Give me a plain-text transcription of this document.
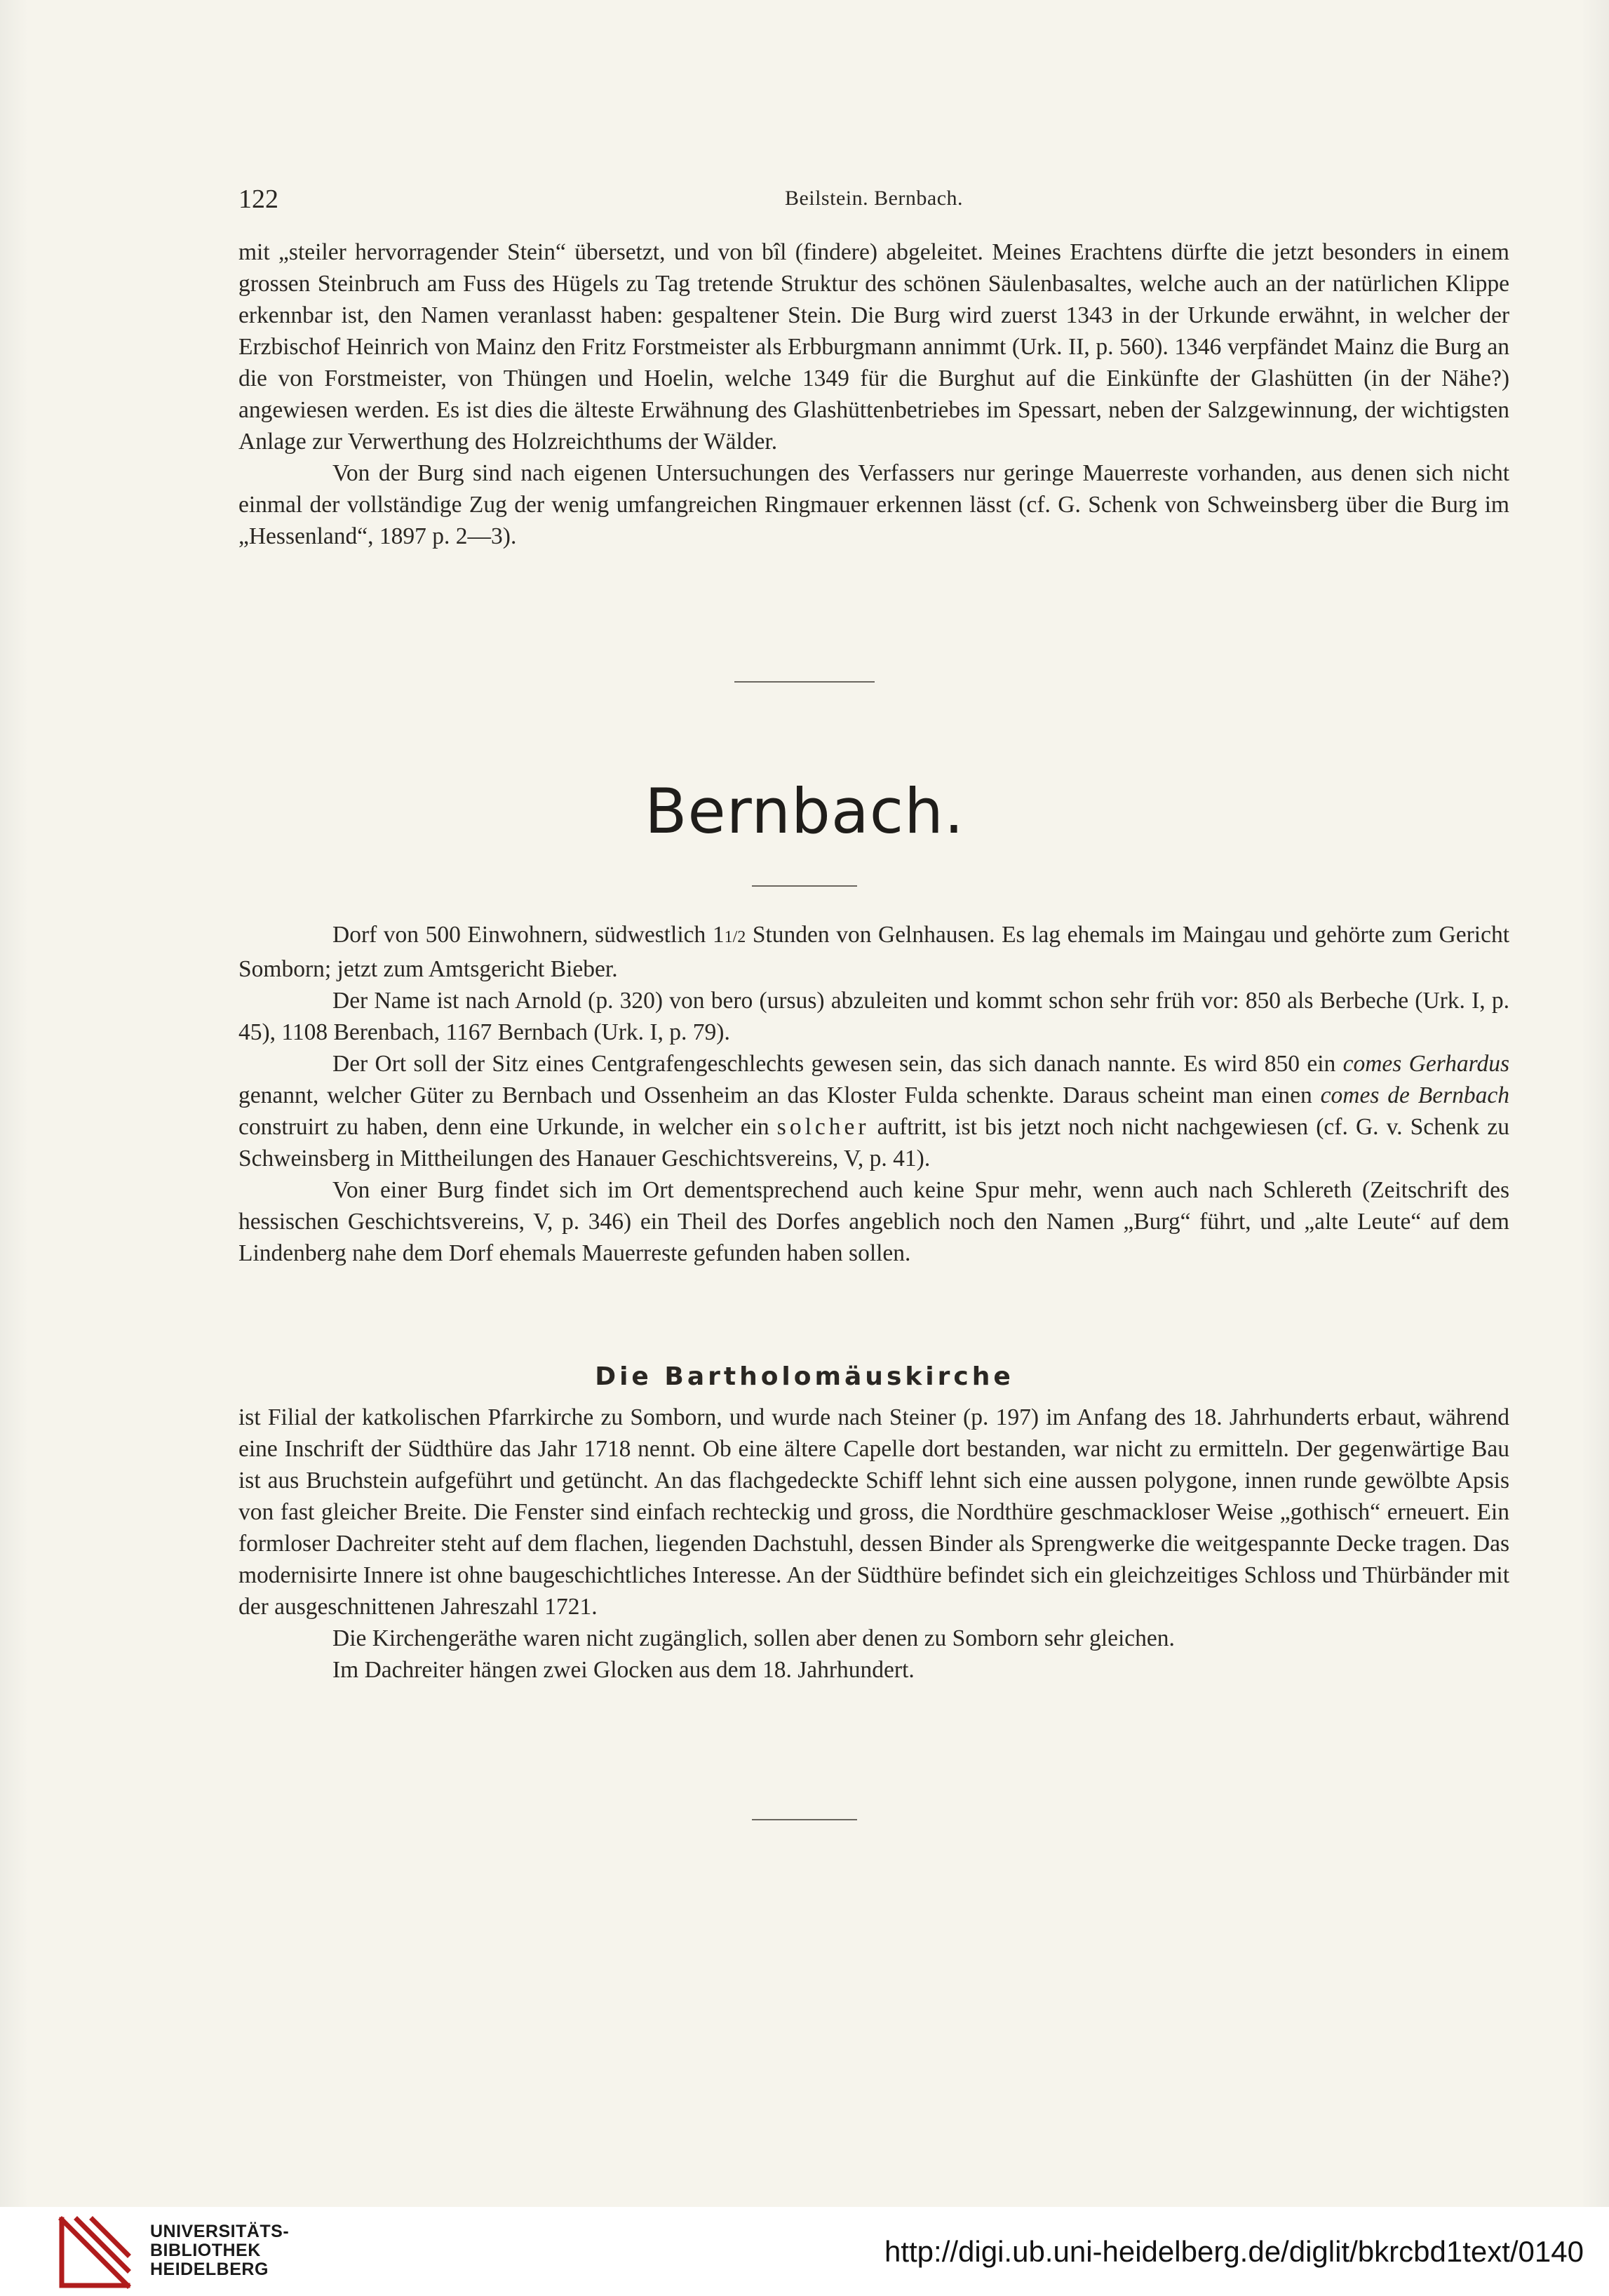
122	Beilstein. Bernbach.

mit „steiler hervorragender Stein“ übersetzt, und von bîl (findere) abgeleitet. Meines Erachtens dürfte die jetzt besonders in einem grossen Steinbruch am Fuss des Hügels zu Tag tretende Struktur des schönen Säulenbasaltes, welche auch an der natürlichen Klippe erkennbar ist, den Namen veranlasst haben: gespaltener Stein. Die Burg wird zuerst 1343 in der Urkunde erwähnt, in welcher der Erzbischof Heinrich von Mainz den Fritz Forstmeister als Erbburgmann annimmt (Urk. II, p. 560). 1346 verpfändet Mainz die Burg an die von Forstmeister, von Thüngen und Hoelin, welche 1349 für die Burghut auf die Einkünfte der Glashütten (in der Nähe?) angewiesen werden. Es ist dies die älteste Erwähnung des Glashüttenbetriebes im Spessart, neben der Salzgewinnung, der wichtigsten Anlage zur Verwerthung des Holzreichthums der Wälder.

Von der Burg sind nach eigenen Untersuchungen des Verfassers nur geringe Mauerreste vorhanden, aus denen sich nicht einmal der vollständige Zug der wenig umfangreichen Ringmauer erkennen lässt (cf. G. Schenk von Schweinsberg über die Burg im „Hessenland“, 1897 p. 2—3).

Bernbach.

Dorf von 500 Einwohnern, südwestlich 11/2 Stunden von Gelnhausen. Es lag ehemals im Maingau und gehörte zum Gericht Somborn; jetzt zum Amtsgericht Bieber.

Der Name ist nach Arnold (p. 320) von bero (ursus) abzuleiten und kommt schon sehr früh vor: 850 als Berbeche (Urk. I, p. 45), 1108 Berenbach, 1167 Bernbach (Urk. I, p. 79).

Der Ort soll der Sitz eines Centgrafengeschlechts gewesen sein, das sich danach nannte. Es wird 850 ein comes Gerhardus genannt, welcher Güter zu Bernbach und Ossenheim an das Kloster Fulda schenkte. Daraus scheint man einen comes de Bernbach construirt zu haben, denn eine Urkunde, in welcher ein solcher auftritt, ist bis jetzt noch nicht nachgewiesen (cf. G. v. Schenk zu Schweinsberg in Mittheilungen des Hanauer Geschichtsvereins, V, p. 41).

Von einer Burg findet sich im Ort dementsprechend auch keine Spur mehr, wenn auch nach Schlereth (Zeitschrift des hessischen Geschichtsvereins, V, p. 346) ein Theil des Dorfes angeblich noch den Namen „Burg“ führt, und „alte Leute“ auf dem Lindenberg nahe dem Dorf ehemals Mauerreste gefunden haben sollen.

Die Bartholomäuskirche

ist Filial der katkolischen Pfarrkirche zu Somborn, und wurde nach Steiner (p. 197) im Anfang des 18. Jahrhunderts erbaut, während eine Inschrift der Südthüre das Jahr 1718 nennt. Ob eine ältere Capelle dort bestanden, war nicht zu ermitteln. Der gegenwärtige Bau ist aus Bruchstein aufgeführt und getüncht. An das flachgedeckte Schiff lehnt sich eine aussen polygone, innen runde gewölbte Apsis von fast gleicher Breite. Die Fenster sind einfach rechteckig und gross, die Nordthüre geschmackloser Weise „gothisch“ erneuert. Ein formloser Dachreiter steht auf dem flachen, liegenden Dachstuhl, dessen Binder als Sprengwerke die weitgespannte Decke tragen. Das modernisirte Innere ist ohne baugeschichtliches Interesse. An der Südthüre befindet sich ein gleichzeitiges Schloss und Thürbänder mit der ausgeschnittenen Jahreszahl 1721.

Die Kirchengeräthe waren nicht zugänglich, sollen aber denen zu Somborn sehr gleichen.

Im Dachreiter hängen zwei Glocken aus dem 18. Jahrhundert.

UNIVERSITÄTS-
BIBLIOTHEK
HEIDELBERG
http://digi.ub.uni-heidelberg.de/diglit/bkrcbd1text/0140
